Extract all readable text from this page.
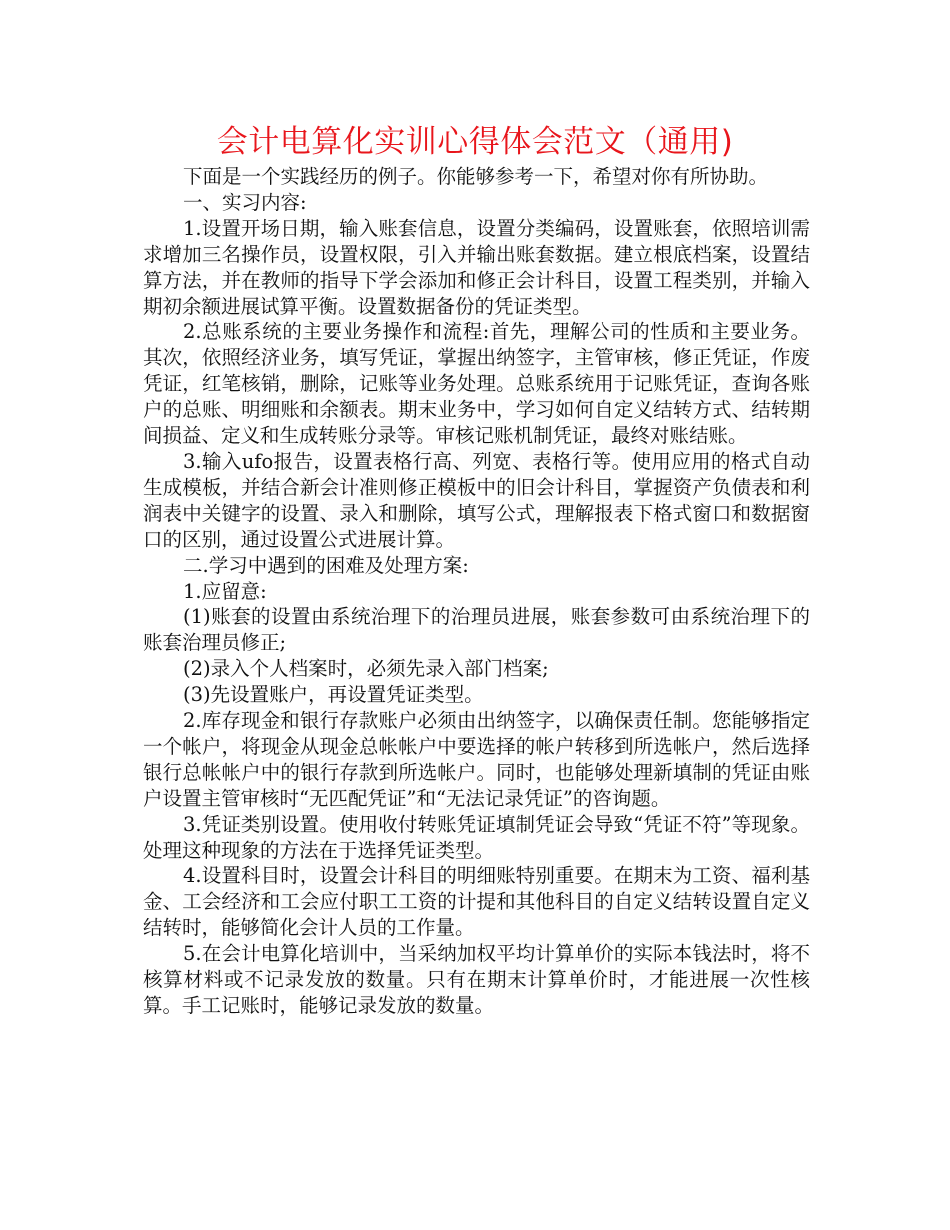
会计电算化实训心得体会范文（通用)

下面是一个实践经历的例子。你能够参考一下，希望对你有所协助。

一、实习内容:

1.设置开场日期，输入账套信息，设置分类编码，设置账套，依照培训需求增加三名操作员，设置权限，引入并输出账套数据。建立根底档案，设置结算方法，并在教师的指导下学会添加和修正会计科目，设置工程类别，并输入期初余额进展试算平衡。设置数据备份的凭证类型。

2.总账系统的主要业务操作和流程:首先，理解公司的性质和主要业务。其次，依照经济业务，填写凭证，掌握出纳签字，主管审核，修正凭证，作废凭证，红笔核销，删除，记账等业务处理。总账系统用于记账凭证，查询各账户的总账、明细账和余额表。期末业务中，学习如何自定义结转方式、结转期间损益、定义和生成转账分录等。审核记账机制凭证，最终对账结账。

3.输入ufo报告，设置表格行高、列宽、表格行等。使用应用的格式自动生成模板，并结合新会计准则修正模板中的旧会计科目，掌握资产负债表和利润表中关键字的设置、录入和删除，填写公式，理解报表下格式窗口和数据窗口的区别，通过设置公式进展计算。

二.学习中遇到的困难及处理方案:

1.应留意:

(1)账套的设置由系统治理下的治理员进展，账套参数可由系统治理下的账套治理员修正;

(2)录入个人档案时，必须先录入部门档案;

(3)先设置账户，再设置凭证类型。

2.库存现金和银行存款账户必须由出纳签字，以确保责任制。您能够指定一个帐户，将现金从现金总帐帐户中要选择的帐户转移到所选帐户，然后选择银行总帐帐户中的银行存款到所选帐户。同时，也能够处理新填制的凭证由账户设置主管审核时“无匹配凭证”和“无法记录凭证”的咨询题。

3.凭证类别设置。使用收付转账凭证填制凭证会导致“凭证不符”等现象。处理这种现象的方法在于选择凭证类型。

4.设置科目时，设置会计科目的明细账特别重要。在期末为工资、福利基金、工会经济和工会应付职工工资的计提和其他科目的自定义结转设置自定义结转时，能够简化会计人员的工作量。

5.在会计电算化培训中，当采纳加权平均计算单价的实际本钱法时，将不核算材料或不记录发放的数量。只有在期末计算单价时，才能进展一次性核算。手工记账时，能够记录发放的数量。
